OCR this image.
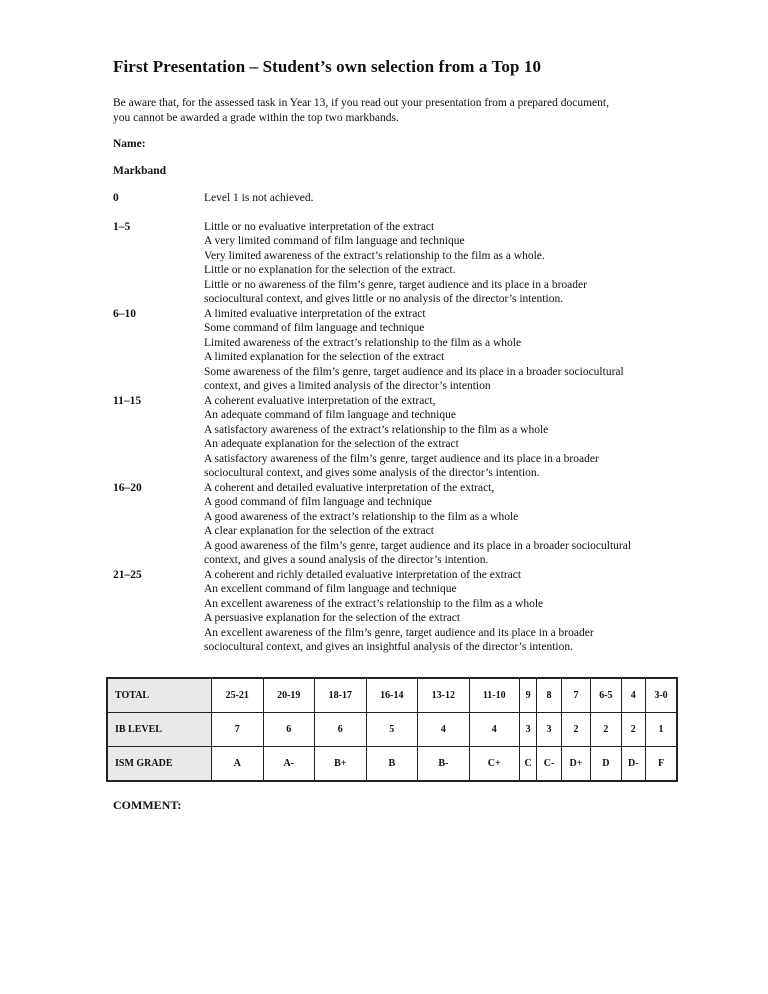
First Presentation – Student’s own selection from a Top 10
Be aware that, for the assessed task in Year 13, if you read out your presentation from a prepared document,
you cannot be awarded a grade within the top two markbands.
Name:
Markband
0	Level 1 is not achieved.
1–5	Little or no evaluative interpretation of the extract
A very limited command of film language and technique
Very limited awareness of the extract’s relationship to the film as a whole.
Little or no explanation for the selection of the extract.
Little or no awareness of the film’s genre, target audience and its place in a broader
sociocultural context, and gives little or no analysis of the director’s intention.
6–10	A limited evaluative interpretation of the extract
Some command of film language and technique
Limited awareness of the extract’s relationship to the film as a whole
A limited explanation for the selection of the extract
Some awareness of the film’s genre, target audience and its place in a broader sociocultural
context, and gives a limited analysis of the director’s intention
11–15	A coherent evaluative interpretation of the extract,
An adequate command of film language and technique
A satisfactory awareness of the extract’s relationship to the film as a whole
An adequate explanation for the selection of the extract
A satisfactory awareness of the film’s genre, target audience and its place in a broader
sociocultural context, and gives some analysis of the director’s intention.
16–20	A coherent and detailed evaluative interpretation of the extract,
A good command of film language and technique
A good awareness of the extract’s relationship to the film as a whole
A clear explanation for the selection of the extract
A good awareness of the film’s genre, target audience and its place in a broader sociocultural
context, and gives a sound analysis of the director’s intention.
21–25	A coherent and richly detailed evaluative interpretation of the extract
An excellent command of film language and technique
An excellent awareness of the extract’s relationship to the film as a whole
A persuasive explanation for the selection of the extract
An excellent awareness of the film’s genre, target audience and its place in a broader
sociocultural context, and gives an insightful analysis of the director’s intention.
TOTAL	25-21	20-19	18-17	16-14	13-12	11-10	9	8	7	6-5	4	3-0
IB LEVEL	7	6	6	5	4	4	3	3	2	2	2	1
ISM GRADE	A	A-	B+	B	B-	C+	C	C-	D+	D	D-	F
COMMENT:
